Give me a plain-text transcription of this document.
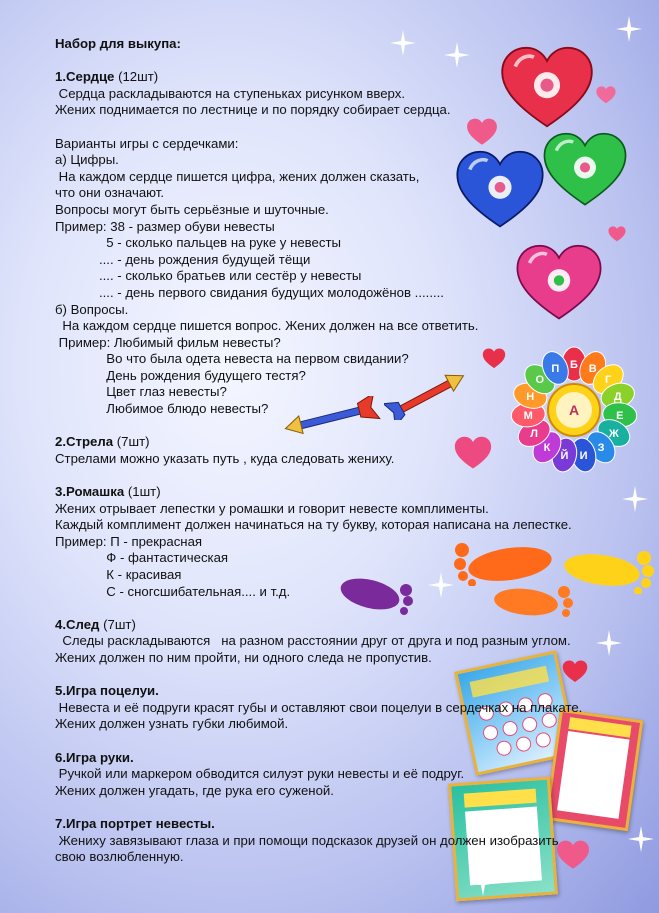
Набор для выкупа:

1.Сердце (12шт)

Сердца раскладываются на ступеньках рисунком вверх.

Жених поднимается по лестнице и по порядку собирает сердца.

Варианты игры с сердечками:

а) Цифры.

На каждом сердце пишется цифра, жених должен сказать,

что они означают.

Вопросы могут быть серьёзные и шуточные.

Пример: 38 - размер обуви невесты

5 - сколько пальцев на руке у невесты

.... - день рождения будущей тёщи

.... - сколько братьев или сестёр у невесты

.... - день первого свидания будущих молодожёнов ........

б) Вопросы.

На каждом сердце пишется вопрос. Жених должен на все ответить.

Пример: Любимый фильм невесты?

Во что была одета невеста на первом свидании?

День рождения будущего тестя?

Цвет глаз невесты?

Любимое блюдо невесты?

2.Стрела (7шт)

Стрелами можно указать путь , куда следовать жениху.

3.Ромашка (1шт)

Жених отрывает лепестки у ромашки и говорит невесте комплименты.

Каждый комплимент должен начинаться на ту букву, которая написана на лепестке.

Пример: П - прекрасная

Ф - фантастическая

К - красивая

С - сногсшибательная.... и т.д.

4.След (7шт)

Следы раскладываются   на разном расстоянии друг от друга и под разным углом.

Жених должен по ним пройти, ни одного следа не пропустив.

5.Игра поцелуи.

Невеста и её подруги красят губы и оставляют свои поцелуи в сердечках на плакате.

Жених должен узнать губки любимой.

6.Игра руки.

Ручкой или маркером обводится силуэт руки невесты и её подруг.

Жених должен угадать, где рука его суженой.

7.Игра портрет невесты.

Жениху завязывают глаза и при помощи подсказок друзей он должен изобразить

свою возлюбленную.

Б В
Г
Д
Е
Ж
З
И
Й
К
Л
М
Н
О
П
А
